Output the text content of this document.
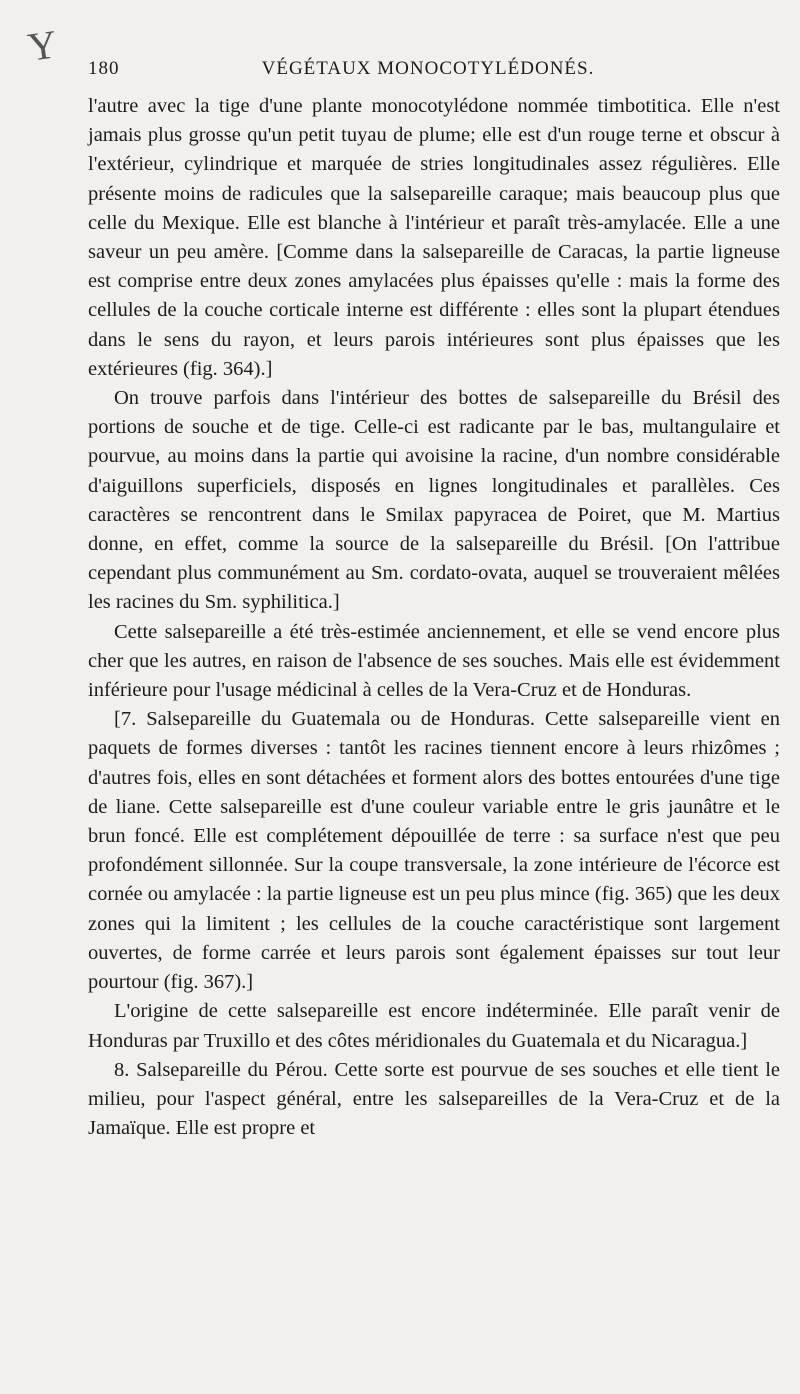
Y 180	VÉGÉTAUX MONOCOTYLÉDONÉS.

l'autre avec la tige d'une plante monocotylédone nommée timbotitica. Elle n'est jamais plus grosse qu'un petit tuyau de plume; elle est d'un rouge terne et obscur à l'extérieur, cylindrique et marquée de stries longitudinales assez régulières. Elle présente moins de radicules que la salsepareille caraque; mais beaucoup plus que celle du Mexique. Elle est blanche à l'intérieur et paraît très-amylacée. Elle a une saveur un peu amère. [Comme dans la salsepareille de Caracas, la partie ligneuse est comprise entre deux zones amylacées plus épaisses qu'elle : mais la forme des cellules de la couche corticale interne est différente : elles sont la plupart étendues dans le sens du rayon, et leurs parois intérieures sont plus épaisses que les extérieures (fig. 364).]

On trouve parfois dans l'intérieur des bottes de salsepareille du Brésil des portions de souche et de tige. Celle-ci est radicante par le bas, multangulaire et pourvue, au moins dans la partie qui avoisine la racine, d'un nombre considérable d'aiguillons superficiels, disposés en lignes longitudinales et parallèles. Ces caractères se rencontrent dans le Smilax papyracea de Poiret, que M. Martius donne, en effet, comme la source de la salsepareille du Brésil. [On l'attribue cependant plus communément au Sm. cordato-ovata, auquel se trouveraient mêlées les racines du Sm. syphilitica.]

Cette salsepareille a été très-estimée anciennement, et elle se vend encore plus cher que les autres, en raison de l'absence de ses souches. Mais elle est évidemment inférieure pour l'usage médicinal à celles de la Vera-Cruz et de Honduras.

[7. Salsepareille du Guatemala ou de Honduras. Cette salsepareille vient en paquets de formes diverses : tantôt les racines tiennent encore à leurs rhizômes ; d'autres fois, elles en sont détachées et forment alors des bottes entourées d'une tige de liane. Cette salsepareille est d'une couleur variable entre le gris jaunâtre et le brun foncé. Elle est complétement dépouillée de terre : sa surface n'est que peu profondément sillonnée. Sur la coupe transversale, la zone intérieure de l'écorce est cornée ou amylacée : la partie ligneuse est un peu plus mince (fig. 365) que les deux zones qui la limitent ; les cellules de la couche caractéristique sont largement ouvertes, de forme carrée et leurs parois sont également épaisses sur tout leur pourtour (fig. 367).]

L'origine de cette salsepareille est encore indéterminée. Elle paraît venir de Honduras par Truxillo et des côtes méridionales du Guatemala et du Nicaragua.]

8. Salsepareille du Pérou. Cette sorte est pourvue de ses souches et elle tient le milieu, pour l'aspect général, entre les salsepareilles de la Vera-Cruz et de la Jamaïque. Elle est propre et
